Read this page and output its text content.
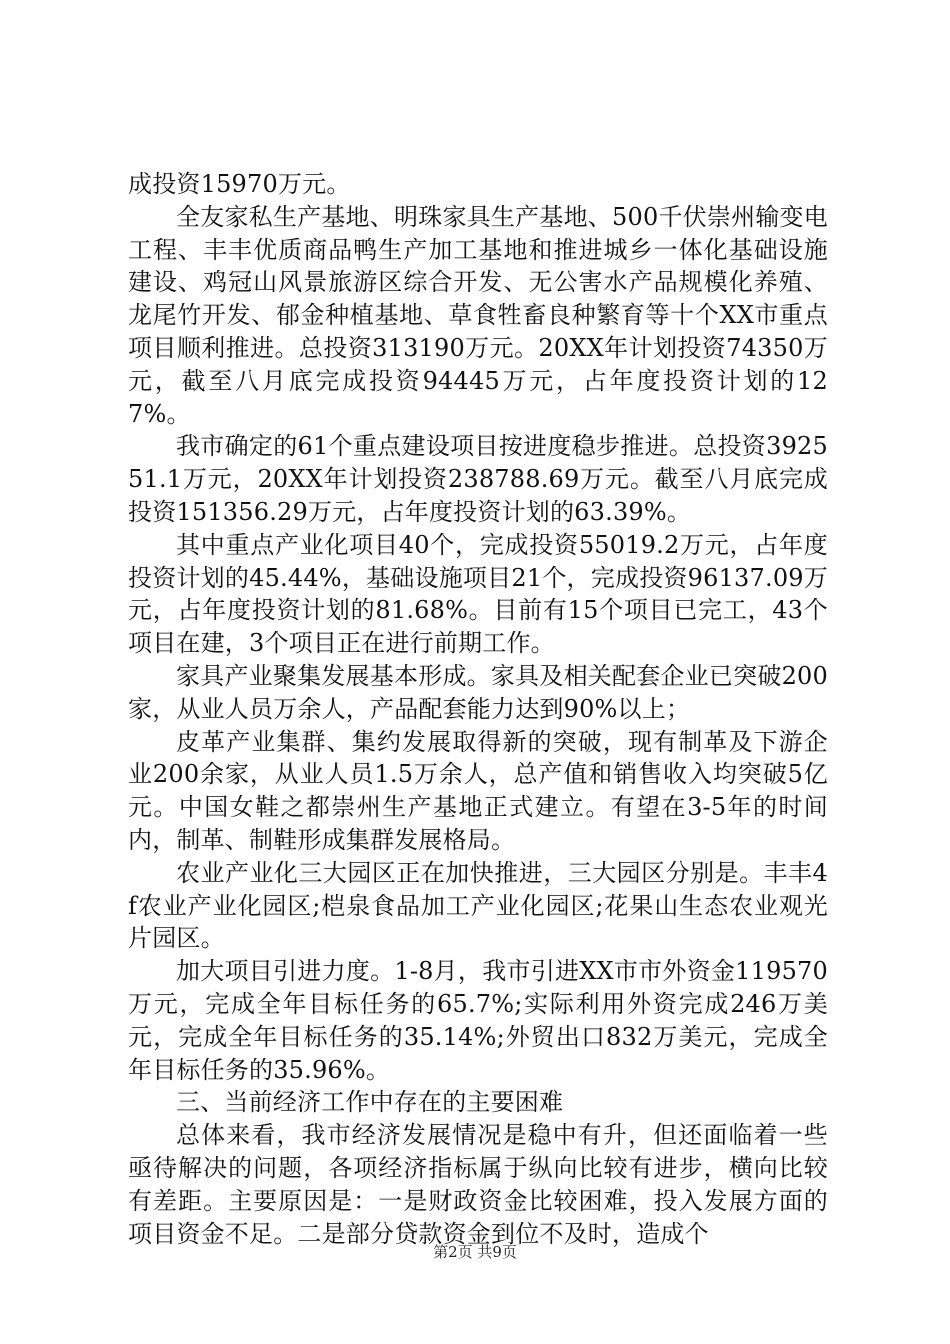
成投资15970万元。

全友家私生产基地、明珠家具生产基地、500千伏崇州输变电工程、丰丰优质商品鸭生产加工基地和推进城乡一体化基础设施建设、鸡冠山风景旅游区综合开发、无公害水产品规模化养殖、龙尾竹开发、郁金种植基地、草食牲畜良种繁育等十个XX市重点项目顺利推进。总投资313190万元。20XX年计划投资74350万元，截至八月底完成投资94445万元，占年度投资计划的127%。

我市确定的61个重点建设项目按进度稳步推进。总投资392551.1万元，20XX年计划投资238788.69万元。截至八月底完成投资151356.29万元，占年度投资计划的63.39%。

其中重点产业化项目40个，完成投资55019.2万元，占年度投资计划的45.44%，基础设施项目21个，完成投资96137.09万元，占年度投资计划的81.68%。目前有15个项目已完工，43个项目在建，3个项目正在进行前期工作。

家具产业聚集发展基本形成。家具及相关配套企业已突破200家，从业人员万余人，产品配套能力达到90%以上；

皮革产业集群、集约发展取得新的突破，现有制革及下游企业200余家，从业人员1.5万余人，总产值和销售收入均突破5亿元。中国女鞋之都崇州生产基地正式建立。有望在3-5年的时间内，制革、制鞋形成集群发展格局。

农业产业化三大园区正在加快推进，三大园区分别是。丰丰4f农业产业化园区;桤泉食品加工产业化园区;花果山生态农业观光片园区。

加大项目引进力度。1-8月，我市引进XX市市外资金119570万元，完成全年目标任务的65.7%;实际利用外资完成246万美元，完成全年目标任务的35.14%;外贸出口832万美元，完成全年目标任务的35.96%。

三、当前经济工作中存在的主要困难

总体来看，我市经济发展情况是稳中有升，但还面临着一些亟待解决的问题，各项经济指标属于纵向比较有进步，横向比较有差距。主要原因是：一是财政资金比较困难，投入发展方面的项目资金不足。二是部分贷款资金到位不及时，造成个

第2页 共9页
